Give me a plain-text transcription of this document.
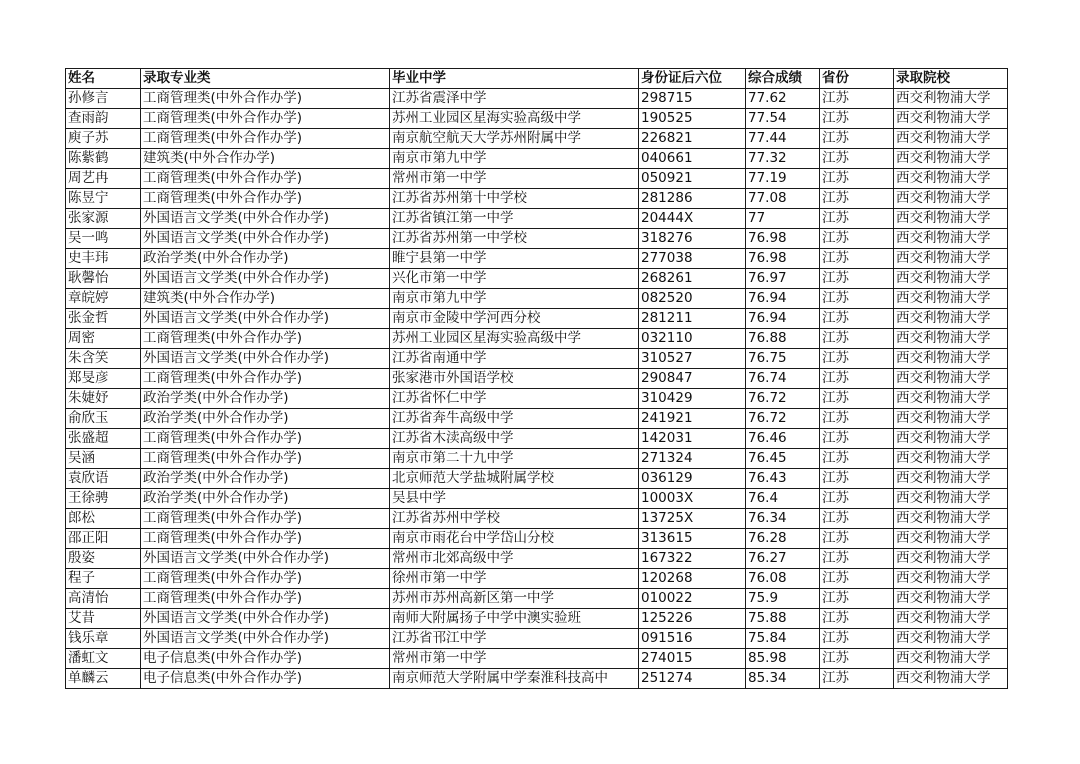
姓名	录取专业类	毕业中学	身份证后六位	综合成绩	省份	录取院校
孙修言	工商管理类(中外合作办学)	江苏省震泽中学	298715	77.62	江苏	西交利物浦大学
查雨韵	工商管理类(中外合作办学)	苏州工业园区星海实验高级中学	190525	77.54	江苏	西交利物浦大学
庾子苏	工商管理类(中外合作办学)	南京航空航天大学苏州附属中学	226821	77.44	江苏	西交利物浦大学
陈紫鹤	建筑类(中外合作办学)	南京市第九中学	040661	77.32	江苏	西交利物浦大学
周艺冉	工商管理类(中外合作办学)	常州市第一中学	050921	77.19	江苏	西交利物浦大学
陈昱宁	工商管理类(中外合作办学)	江苏省苏州第十中学校	281286	77.08	江苏	西交利物浦大学
张家源	外国语言文学类(中外合作办学)	江苏省镇江第一中学	20444X	77	江苏	西交利物浦大学
吴一鸣	外国语言文学类(中外合作办学)	江苏省苏州第一中学校	318276	76.98	江苏	西交利物浦大学
史丰玮	政治学类(中外合作办学)	睢宁县第一中学	277038	76.98	江苏	西交利物浦大学
耿馨怡	外国语言文学类(中外合作办学)	兴化市第一中学	268261	76.97	江苏	西交利物浦大学
章皖婷	建筑类(中外合作办学)	南京市第九中学	082520	76.94	江苏	西交利物浦大学
张金哲	外国语言文学类(中外合作办学)	南京市金陵中学河西分校	281211	76.94	江苏	西交利物浦大学
周密	工商管理类(中外合作办学)	苏州工业园区星海实验高级中学	032110	76.88	江苏	西交利物浦大学
朱含笑	外国语言文学类(中外合作办学)	江苏省南通中学	310527	76.75	江苏	西交利物浦大学
郑旻彦	工商管理类(中外合作办学)	张家港市外国语学校	290847	76.74	江苏	西交利物浦大学
朱婕妤	政治学类(中外合作办学)	江苏省怀仁中学	310429	76.72	江苏	西交利物浦大学
俞欣玉	政治学类(中外合作办学)	江苏省奔牛高级中学	241921	76.72	江苏	西交利物浦大学
张盛超	工商管理类(中外合作办学)	江苏省木渎高级中学	142031	76.46	江苏	西交利物浦大学
吴涵	工商管理类(中外合作办学)	南京市第二十九中学	271324	76.45	江苏	西交利物浦大学
袁欣语	政治学类(中外合作办学)	北京师范大学盐城附属学校	036129	76.43	江苏	西交利物浦大学
王徐骋	政治学类(中外合作办学)	吴县中学	10003X	76.4	江苏	西交利物浦大学
郎松	工商管理类(中外合作办学)	江苏省苏州中学校	13725X	76.34	江苏	西交利物浦大学
邵正阳	工商管理类(中外合作办学)	南京市雨花台中学岱山分校	313615	76.28	江苏	西交利物浦大学
殷姿	外国语言文学类(中外合作办学)	常州市北郊高级中学	167322	76.27	江苏	西交利物浦大学
程子	工商管理类(中外合作办学)	徐州市第一中学	120268	76.08	江苏	西交利物浦大学
高清怡	工商管理类(中外合作办学)	苏州市苏州高新区第一中学	010022	75.9	江苏	西交利物浦大学
艾昔	外国语言文学类(中外合作办学)	南师大附属扬子中学中澳实验班	125226	75.88	江苏	西交利物浦大学
钱乐章	外国语言文学类(中外合作办学)	江苏省邗江中学	091516	75.84	江苏	西交利物浦大学
潘虹文	电子信息类(中外合作办学)	常州市第一中学	274015	85.98	江苏	西交利物浦大学
单麟云	电子信息类(中外合作办学)	南京师范大学附属中学秦淮科技高中	251274	85.34	江苏	西交利物浦大学
